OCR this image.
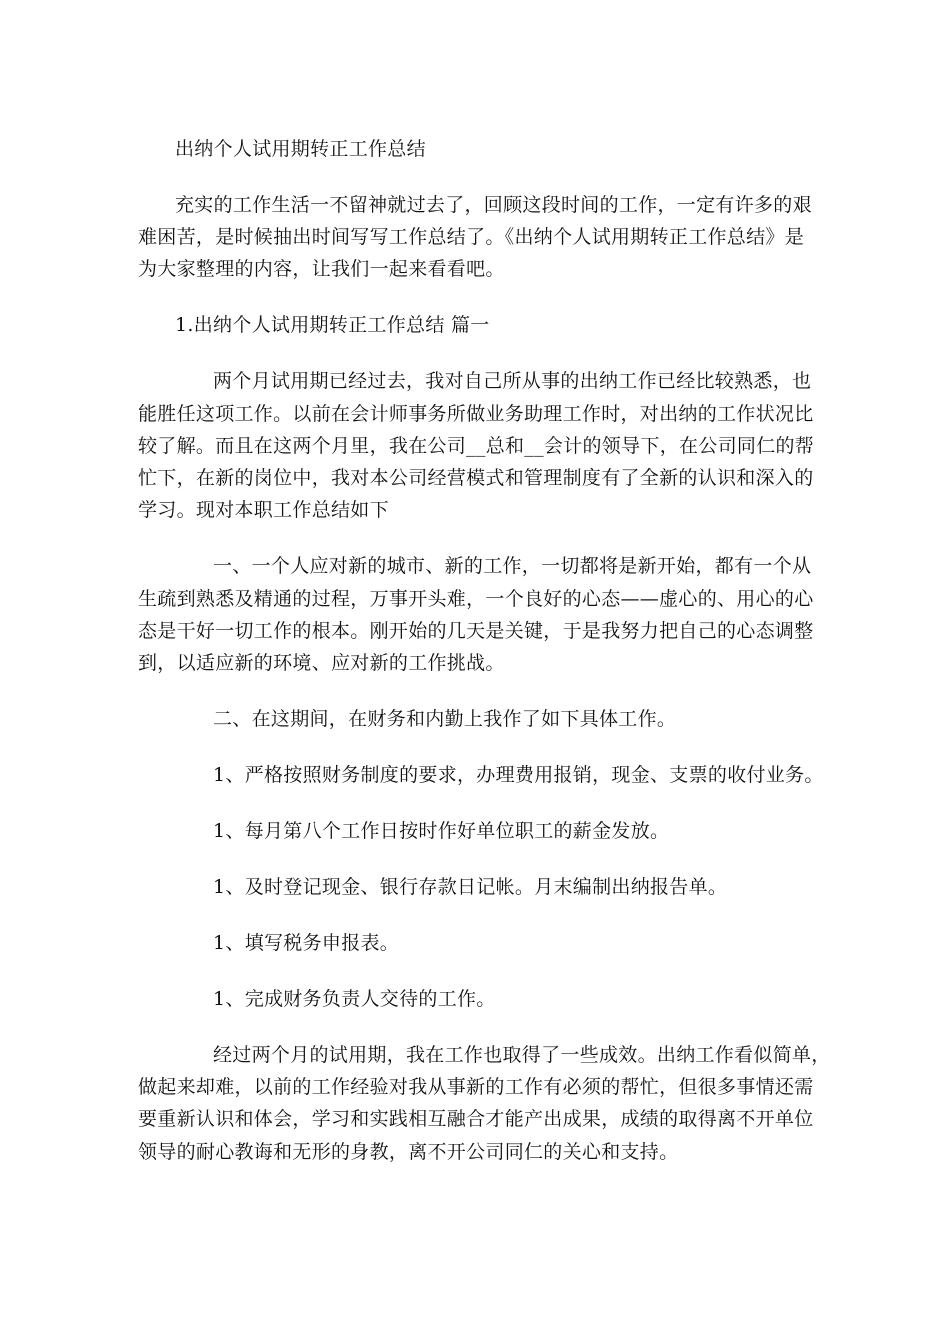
出纳个人试用期转正工作总结
充实的工作生活一不留神就过去了，回顾这段时间的工作，一定有许多的艰
难困苦，是时候抽出时间写写工作总结了。《出纳个人试用期转正工作总结》是
为大家整理的内容，让我们一起来看看吧。
1.出纳个人试用期转正工作总结 篇一
两个月试用期已经过去，我对自己所从事的出纳工作已经比较熟悉，也
能胜任这项工作。以前在会计师事务所做业务助理工作时，对出纳的工作状况比
较了解。而且在这两个月里，我在公司__总和__会计的领导下，在公司同仁的帮
忙下，在新的岗位中，我对本公司经营模式和管理制度有了全新的认识和深入的
学习。现对本职工作总结如下
一、一个人应对新的城市、新的工作，一切都将是新开始，都有一个从
生疏到熟悉及精通的过程，万事开头难，一个良好的心态——虚心的、用心的心
态是干好一切工作的根本。刚开始的几天是关键，于是我努力把自己的心态调整
到，以适应新的环境、应对新的工作挑战。
二、在这期间，在财务和内勤上我作了如下具体工作。
1、严格按照财务制度的要求，办理费用报销，现金、支票的收付业务。
1、每月第八个工作日按时作好单位职工的薪金发放。
1、及时登记现金、银行存款日记帐。月末编制出纳报告单。
1、填写税务申报表。
1、完成财务负责人交待的工作。
经过两个月的试用期，我在工作也取得了一些成效。出纳工作看似简单，
做起来却难，以前的工作经验对我从事新的工作有必须的帮忙，但很多事情还需
要重新认识和体会，学习和实践相互融合才能产出成果，成绩的取得离不开单位
领导的耐心教诲和无形的身教，离不开公司同仁的关心和支持。
